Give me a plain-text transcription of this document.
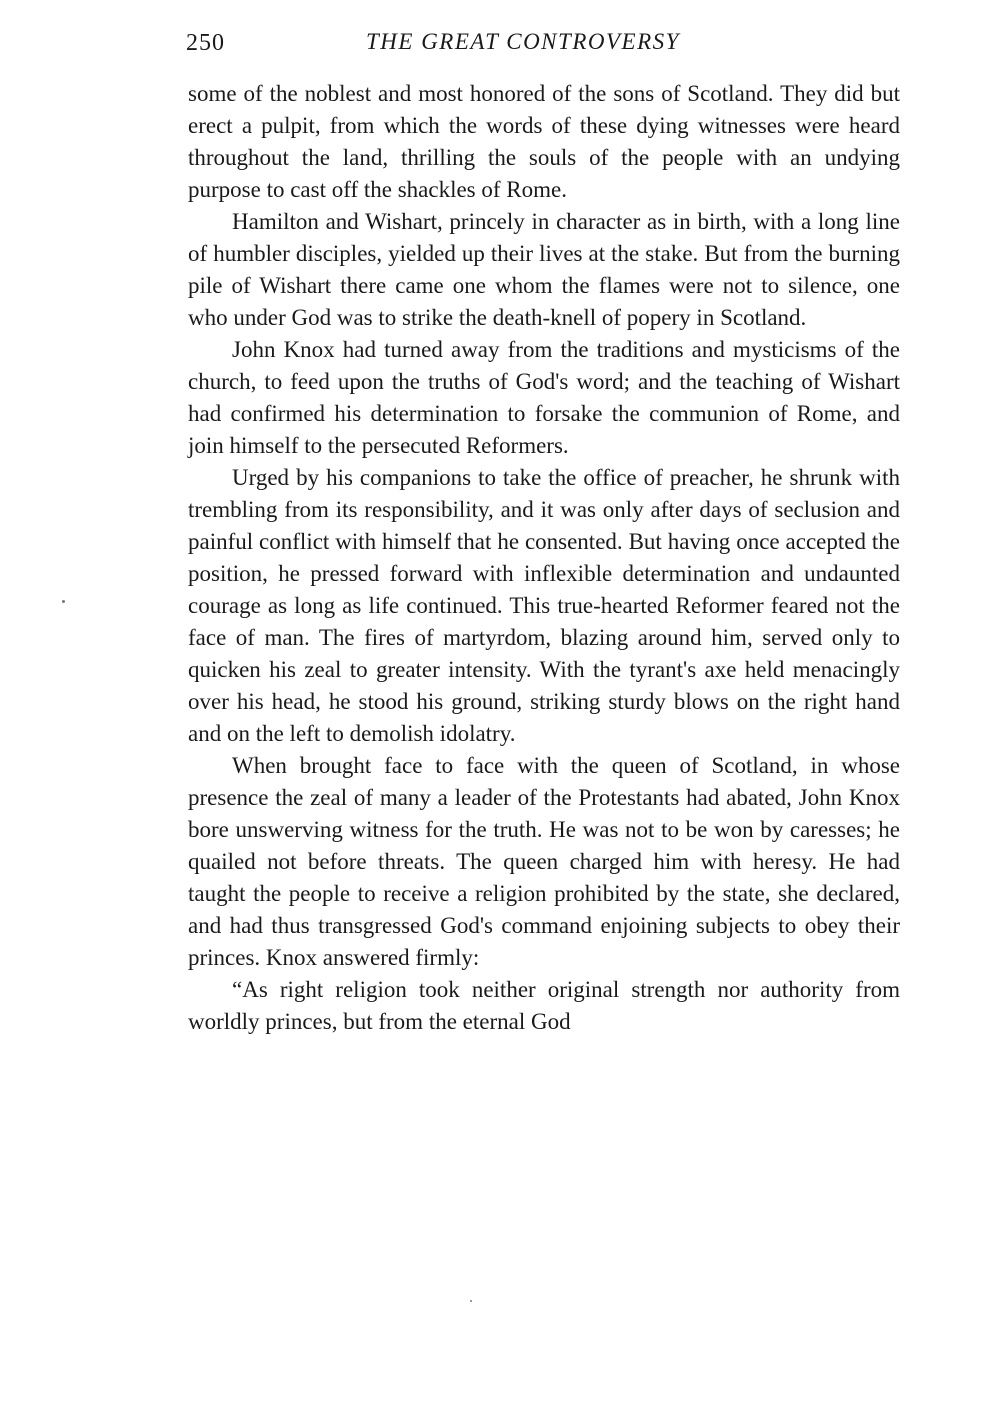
250	THE GREAT CONTROVERSY

some of the noblest and most honored of the sons of Scotland. They did but erect a pulpit, from which the words of these dying witnesses were heard throughout the land, thrilling the souls of the people with an undying purpose to cast off the shackles of Rome.

Hamilton and Wishart, princely in character as in birth, with a long line of humbler disciples, yielded up their lives at the stake. But from the burning pile of Wishart there came one whom the flames were not to silence, one who under God was to strike the death-knell of popery in Scotland.

John Knox had turned away from the traditions and mysticisms of the church, to feed upon the truths of God's word; and the teaching of Wishart had confirmed his determination to forsake the communion of Rome, and join himself to the persecuted Reformers.

Urged by his companions to take the office of preacher, he shrunk with trembling from its responsibility, and it was only after days of seclusion and painful conflict with himself that he consented. But having once accepted the position, he pressed forward with inflexible determination and undaunted courage as long as life continued. This true-hearted Reformer feared not the face of man. The fires of martyrdom, blazing around him, served only to quicken his zeal to greater intensity. With the tyrant's axe held menacingly over his head, he stood his ground, striking sturdy blows on the right hand and on the left to demolish idolatry.

When brought face to face with the queen of Scotland, in whose presence the zeal of many a leader of the Protestants had abated, John Knox bore unswerving witness for the truth. He was not to be won by caresses; he quailed not before threats. The queen charged him with heresy. He had taught the people to receive a religion prohibited by the state, she declared, and had thus transgressed God's command enjoining subjects to obey their princes. Knox answered firmly:

“As right religion took neither original strength nor authority from worldly princes, but from the eternal God
